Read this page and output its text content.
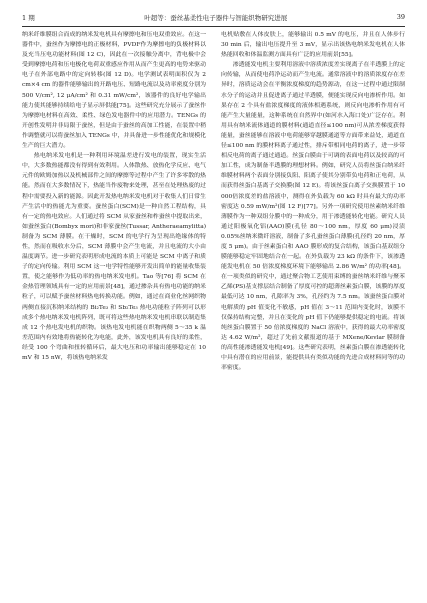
1 期	叶超等：蚕丝基柔性电子器件与智能织物研究进展	39

纳米纤维膜组合而成的纳米发电机具有摩擦电和压电双重效应。在这一器件中，蚕丝作为摩擦电的正极材料，PVDF作为摩擦电的负极材料以及充当压电功能材料(图 12 C)，因此在一次接触分离中，背电极中会受到摩擦电荷和压电极化电荷双重感应作用从而产生更高的电势来驱动电子在外部电路中的定向转移(图 12 D)。电学测试表明面积仅为 2 cm×4 cm 的器件能够输出的开路电压、短路电流以及功率密度分别为 500 V/cm², 12 μA/cm² 和 0.31 mW/cm²，该器件的良好电学输出能力使其能够持续给电子显示屏供能[75]。这些研究充分展示了蚕丝作为摩擦电材料在高效、柔性、绿色发电器件中的应用潜力。TENGs 的开创性发明并非局限于蚕丝，但是由于蚕丝的高加工性能，在装置中稍作调整就可以将蚕丝加入 TENGs 中，并具备进一步性能优化和规模化生产的巨大潜力。

热电纳米发电机是一种利用环境温差进行发电的装置，现实生活中，大多数热能都没有得到有效利用。人体散热、放热化学反应、电气元件的欧姆加热以及机械部件之间的摩擦等过程中产生了许多零散的热能。然而在大多数情况下，热能当作废物来处理，甚至在处理热废的过程中需要投入新的能源。因此开发热电纳米发电机对于收集人们日常生产生活中的热能尤为重要。蚕丝蛋白(SCM)是一种自然工程结构，具有一定的热电效应。人们通过将 SCM 从家蚕丝和柞蚕丝中提取出来，如蚕丝蛋白(Bombyx mori)和非家蚕丝(Tussar, Antheraeamylitta)制备为 SCM 薄膜。在干燥时，SCM 的电学行为呈现出绝缘体的特性，然而在吸收水分后，SCM 薄膜中会产生电流，并且电流的大小由温度调节。进一步研究表明形成电流的本质上可能是 SCM 中离子和质子的定向传输。利用 SCM 这一电学特性能够开发出简单的能量收集装置，使之能够作为低功率的热电纳米发电机。Tao 等[76] 将 SCM 在金热管理领域具有一定的应用前景[48]，通过掺杂具有热电功能的纳米粒子，可以赋予蚕丝材料热电转换功能。例如，通过在商业化丝网织物两侧直接沉积纳米结构的 Bi₂Te₃ 和 Sb₂Te₃ 热电功能粒子阵列可以形成多个热电纳米发电机阵列，既可将这些热电纳米发电机串联以制造集成 12 个热电发电机的织物。该热电发电机能在织物两侧 5～35 k 温差范围内有效地将热能转化为电能，此外，该发电机具有良好的柔性，经受 100 个弯曲和扭转循环后，最大电压和功率输出能够稳定在 10 mV 和 15 nW，将该热电纳米发

电机贴敷在人体皮肤上，能够输出 0.5 mV 的电压，并且在人体步行 30 min 后，输出电压提升至 3 mV，显示出该热电纳米发电机在人体热能回收和体温监测方面具有广泛的应用前景[55]。

渗透能发电机主要利用溶液中溶质浓度差实现离子在半透膜上的定向传输，从而使电荷净运动而产生电流。通常溶液中的溶质浓度存在差异时，溶质运动会在平衡浓度梯度的趋势源动，在这一过程中通过限制水分子的运动并且促进离子通过半透膜，便能实现反向电渗析作用。如果存在 2 个具有盐浓度梯度的液体相遇系统，则反向电渗析作用有可能产生大量能量，这种系统在自然界中(如河水入海口处)广泛存在。利用具有纳米流体通道的膜材料(通道直径≤100 nm)可从浓差梯度获得能量，蚕丝能够在溶液中电荷能够穿越膜通道等方面带来益处，通道直径≤100 nm 的膜材料离子通过性，排斥带相同电荷的离子，进一步带相反电荷的离子通过通道。丝蛋白膜由于可调的表面电荷以及较高的可加工性，成为制备半透膜的理想材料。例如，研究人员将丝蛋白纳米纤维膜材料两个表面分别接负阳、阳离子使其分别带负电荷和正电荷，从而获得丝蛋白基离子交换膜(图 12 E)。将该丝蛋白离子交换膜置于 10 000倍浓度差的盐溶液中，测得在外负载为 60 kΩ 时具有最大的功率密度达 0.59 mW/m²(图 12 F)[77]。另外一项研究使用丝素纳米纤维薄膜作为一种双组分膜中的一种成分，用于渗透能转化电能。研究人员通过阳极氧化铝(AAO)膜(孔径 80～100 nm，厚度 60 μm)浸渍 0.05%丝纳米微纤溶液，制备了多孔蚕丝蛋白薄膜(孔径约 20 nm，厚度 5 μm)。由于丝素蛋白和 AAO 膜形成的复合结构，该蛋白基双组分膜能够稳定牢固地结合在一起。在外负载为 23 kΩ 的条件下，该渗透能发电机在 50 倍浓度梯度环境下能够输出 2.86 W/m² 的功率[48]。在一项类似的研究中，通过聚合物工艺使用束缚的蚕丝纳米纤维与聚苯乙烯(PS)基支撑层结合制备了厚度可控的超薄丝素蛋白膜，该膜的厚度最低可达 10 nm，孔隙率为 3%，孔径约为 7.5 nm。该蚕丝蛋白膜对电解质的 pH 值变化不敏感，pH 值在 3～11 范围内变化时，该膜不仅保持结构完整，并且在变化的 pH 值下仍能够提供稳定的电流。将该纯丝蛋白膜置于 50 倍浓度梯度的 NaCl 溶液中，获得的最大功率密度达 4.62 W/m²，超过了先前文献报道的基于 MXene/Kevlar 膜制备的高性能渗透能发电机[49]。这些研究表明，丝素蛋白膜在渗透能转化中具有潜在的应用前景，能提供具有类似功能的先进合成材料同等的功率密度。
